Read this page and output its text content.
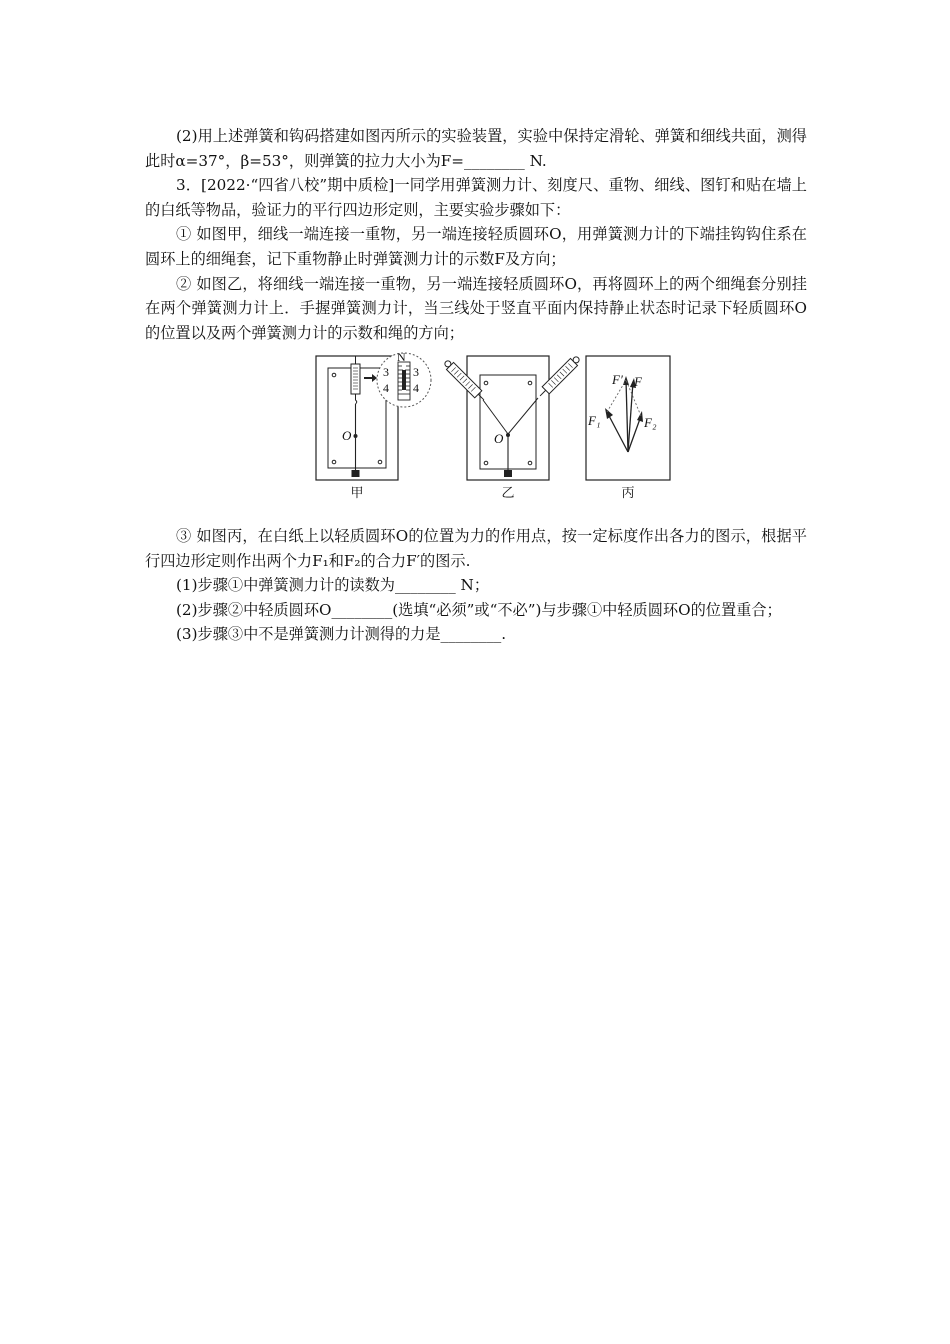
(2)用上述弹簧和钩码搭建如图丙所示的实验装置，实验中保持定滑轮、弹簧和细线共面，测得此时α=37°，β=53°，则弹簧的拉力大小为F=________ N.

3．[2022·“四省八校”期中质检]一同学用弹簧测力计、刻度尺、重物、细线、图钉和贴在墙上的白纸等物品，验证力的平行四边形定则，主要实验步骤如下：

① 如图甲，细线一端连接一重物，另一端连接轻质圆环O，用弹簧测力计的下端挂钩钩住系在圆环上的细绳套，记下重物静止时弹簧测力计的示数F及方向；

② 如图乙，将细线一端连接一重物，另一端连接轻质圆环O，再将圆环上的两个细绳套分别挂在两个弹簧测力计上．手握弹簧测力计，当三线处于竖直平面内保持静止状态时记录下轻质圆环O的位置以及两个弹簧测力计的示数和绳的方向；

N
3
4
3
4
O	O
F′ F
F₁	F₂
甲	乙	丙

③ 如图丙，在白纸上以轻质圆环O的位置为力的作用点，按一定标度作出各力的图示，根据平行四边形定则作出两个力F₁和F₂的合力F′的图示.

(1)步骤①中弹簧测力计的读数为________ N；

(2)步骤②中轻质圆环O________(选填“必须”或“不必”)与步骤①中轻质圆环O的位置重合；

(3)步骤③中不是弹簧测力计测得的力是________.
